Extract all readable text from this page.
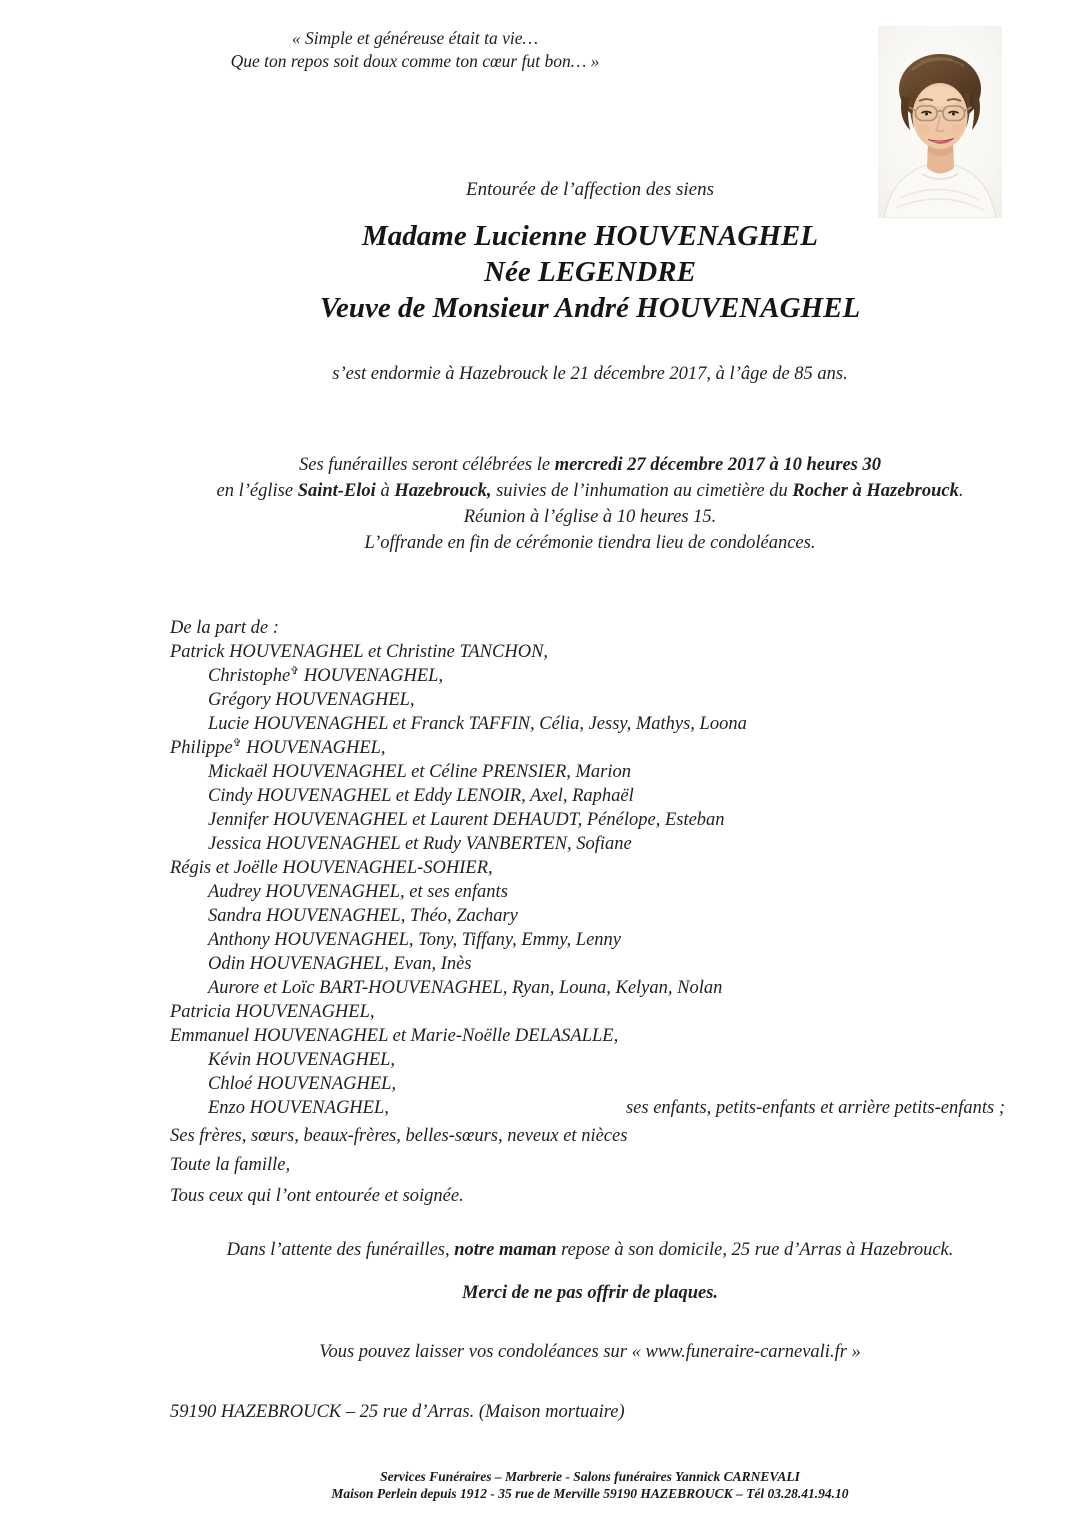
« Simple et généreuse était ta vie…
Que ton repos soit doux comme ton cœur fut bon… »
Entourée de l’affection des siens
Madame Lucienne HOUVENAGHEL
Née LEGENDRE
Veuve de Monsieur André HOUVENAGHEL
s’est endormie à Hazebrouck le 21 décembre 2017, à l’âge de 85 ans.
Ses funérailles seront célébrées le mercredi 27 décembre 2017 à 10 heures 30
en l’église Saint-Eloi à Hazebrouck, suivies de l’inhumation au cimetière du Rocher à Hazebrouck.
Réunion à l’église à 10 heures 15.
L’offrande en fin de cérémonie tiendra lieu de condoléances.
De la part de :
Patrick HOUVENAGHEL et Christine TANCHON,
Christophe✞ HOUVENAGHEL,
Grégory HOUVENAGHEL,
Lucie HOUVENAGHEL et Franck TAFFIN, Célia, Jessy, Mathys, Loona
Philippe✞ HOUVENAGHEL,
Mickaël HOUVENAGHEL et Céline PRENSIER, Marion
Cindy HOUVENAGHEL et Eddy LENOIR, Axel, Raphaël
Jennifer HOUVENAGHEL et Laurent DEHAUDT, Pénélope, Esteban
Jessica HOUVENAGHEL et Rudy VANBERTEN, Sofiane
Régis et Joëlle HOUVENAGHEL-SOHIER,
Audrey HOUVENAGHEL, et ses enfants
Sandra HOUVENAGHEL, Théo, Zachary
Anthony HOUVENAGHEL, Tony, Tiffany, Emmy, Lenny
Odin HOUVENAGHEL, Evan, Inès
Aurore et Loïc BART-HOUVENAGHEL, Ryan, Louna, Kelyan, Nolan
Patricia HOUVENAGHEL,
Emmanuel HOUVENAGHEL et Marie-Noëlle DELASALLE,
Kévin HOUVENAGHEL,
Chloé HOUVENAGHEL,
Enzo HOUVENAGHEL,	ses enfants, petits-enfants et arrière petits-enfants ;
Ses frères, sœurs, beaux-frères, belles-sœurs, neveux et nièces
Toute la famille,
Tous ceux qui l’ont entourée et soignée.
Dans l’attente des funérailles, notre maman repose à son domicile, 25 rue d’Arras à Hazebrouck.
Merci de ne pas offrir de plaques.
Vous pouvez laisser vos condoléances sur « www.funeraire-carnevali.fr »
59190 HAZEBROUCK – 25 rue d’Arras. (Maison mortuaire)
Services Funéraires – Marbrerie - Salons funéraires Yannick CARNEVALI
Maison Perlein depuis 1912 - 35 rue de Merville 59190 HAZEBROUCK – Tél 03.28.41.94.10
